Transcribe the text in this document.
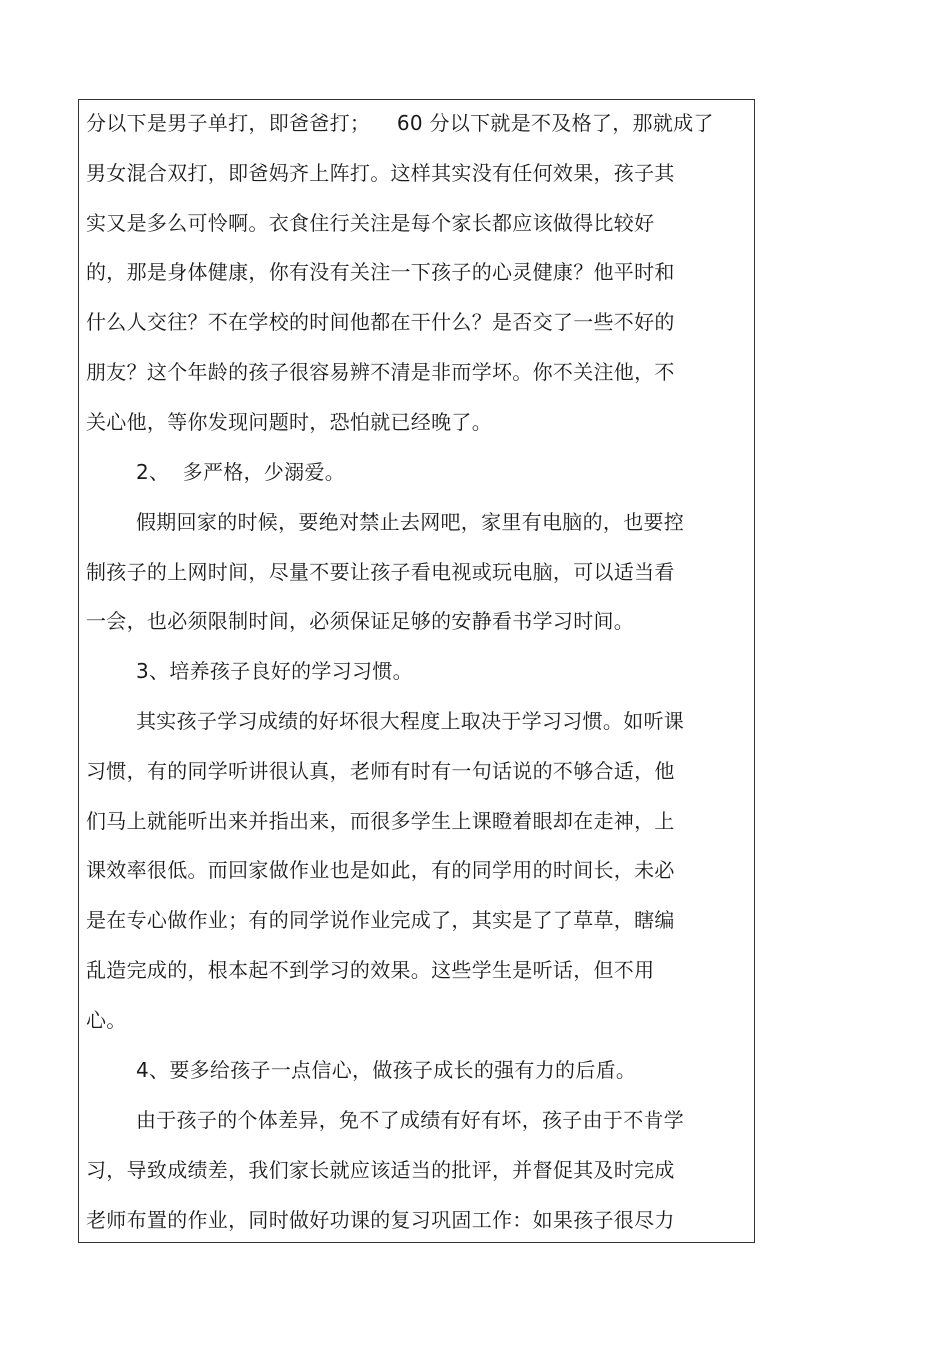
分以下是男子单打，即爸爸打；    60 分以下就是不及格了，那就成了
男女混合双打，即爸妈齐上阵打。这样其实没有任何效果，孩子其
实又是多么可怜啊。衣食住行关注是每个家长都应该做得比较好
的，那是身体健康，你有没有关注一下孩子的心灵健康？他平时和
什么人交往？不在学校的时间他都在干什么？是否交了一些不好的
朋友？这个年龄的孩子很容易辨不清是非而学坏。你不关注他，不
关心他，等你发现问题时，恐怕就已经晚了。
2、  多严格，少溺爱。
假期回家的时候，要绝对禁止去网吧，家里有电脑的，也要控
制孩子的上网时间，尽量不要让孩子看电视或玩电脑，可以适当看
一会，也必须限制时间，必须保证足够的安静看书学习时间。
3、培养孩子良好的学习习惯。
其实孩子学习成绩的好坏很大程度上取决于学习习惯。如听课
习惯，有的同学听讲很认真，老师有时有一句话说的不够合适，他
们马上就能听出来并指出来，而很多学生上课瞪着眼却在走神，上
课效率很低。而回家做作业也是如此，有的同学用的时间长，未必
是在专心做作业；有的同学说作业完成了，其实是了了草草，瞎编
乱造完成的，根本起不到学习的效果。这些学生是听话，但不用
心。
4、要多给孩子一点信心，做孩子成长的强有力的后盾。
由于孩子的个体差异，免不了成绩有好有坏，孩子由于不肯学
习，导致成绩差，我们家长就应该适当的批评，并督促其及时完成
老师布置的作业，同时做好功课的复习巩固工作：如果孩子很尽力
